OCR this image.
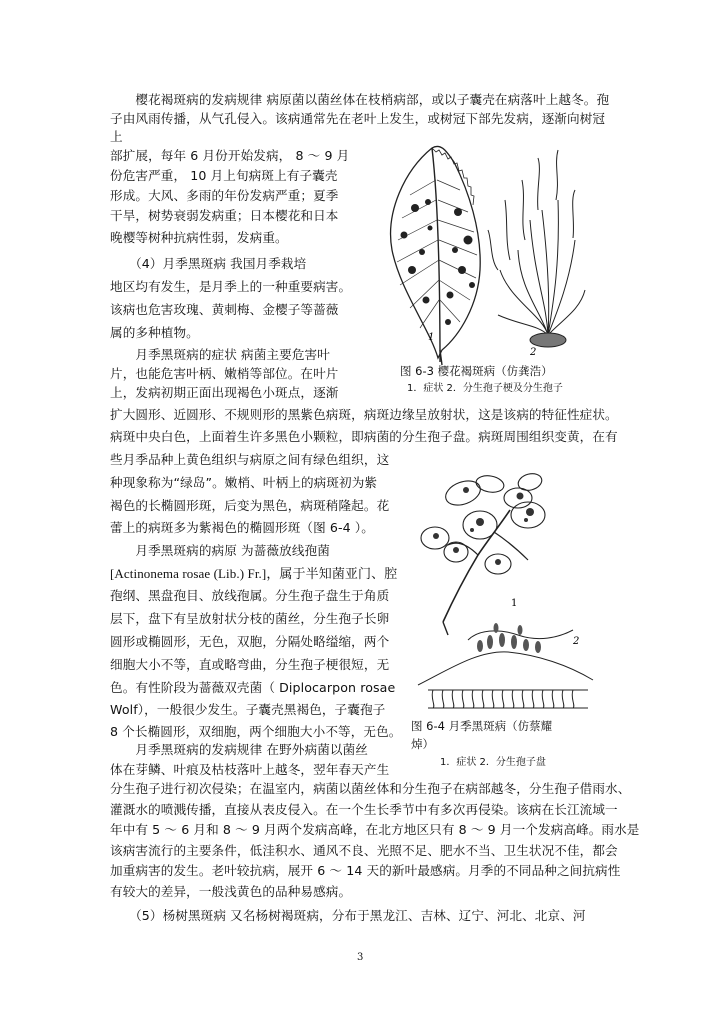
　　樱花褐斑病的发病规律 病原菌以菌丝体在枝梢病部，或以子囊壳在病落叶上越冬。孢
子由风雨传播，从气孔侵入。该病通常先在老叶上发生，或树冠下部先发病，逐渐向树冠
上
部扩展，每年 6 月份开始发病， 8 ～ 9 月
份危害严重， 10 月上旬病斑上有子囊壳
形成。大风、多雨的年份发病严重；夏季
干旱，树势衰弱发病重；日本樱花和日本
晚樱等树种抗病性弱，发病重。
　　（4）月季黑斑病 我国月季栽培
地区均有发生，是月季上的一种重要病害。
该病也危害玫瑰、黄刺梅、金樱子等蔷薇
属的多种植物。
　　月季黑斑病的症状 病菌主要危害叶
片，也能危害叶柄、嫩梢等部位。在叶片
上，发病初期正面出现褐色小斑点，逐渐
扩大圆形、近圆形、不规则形的黑紫色病斑，病斑边缘呈放射状，这是该病的特征性症状。
病斑中央白色，上面着生许多黑色小颗粒，即病菌的分生孢子盘。病斑周围组织变黄，在有
些月季品种上黄色组织与病原之间有绿色组织，这
种现象称为“绿岛”。嫩梢、叶柄上的病斑初为紫
褐色的长椭圆形斑，后变为黑色，病斑稍隆起。花
蕾上的病斑多为紫褐色的椭圆形斑（图 6-4 ）。
　　月季黑斑病的病原 为蔷薇放线孢菌
[Actinonema rosae (Lib.) Fr.]，属于半知菌亚门、腔
孢纲、黑盘孢目、放线孢属。分生孢子盘生于角质
层下，盘下有呈放射状分枝的菌丝，分生孢子长卵
圆形或椭圆形，无色，双胞，分隔处略缢缩，两个
细胞大小不等，直或略弯曲，分生孢子梗很短，无
色。有性阶段为蔷薇双壳菌（ Diplocarpon rosae
Wolf），一般很少发生。子囊壳黑褐色，子囊孢子
8 个长椭圆形，双细胞，两个细胞大小不等，无色。
　　月季黑斑病的发病规律 在野外病菌以菌丝
体在芽鳞、叶痕及枯枝落叶上越冬，翌年春天产生
分生孢子进行初次侵染；在温室内，病菌以菌丝体和分生孢子在病部越冬，分生孢子借雨水、
灌溉水的喷溅传播，直接从表皮侵入。在一个生长季节中有多次再侵染。该病在长江流域一
年中有 5 ～ 6 月和 8 ～ 9 月两个发病高峰，在北方地区只有 8 ～ 9 月一个发病高峰。雨水是
该病害流行的主要条件，低洼积水、通风不良、光照不足、肥水不当、卫生状况不佳，都会
加重病害的发生。老叶较抗病，展开 6 ～ 14 天的新叶最感病。月季的不同品种之间抗病性
有较大的差异，一般浅黄色的品种易感病。
　　（5）杨树黑斑病 又名杨树褐斑病，分布于黑龙江、吉林、辽宁、河北、北京、河
1
2
图 6-3 樱花褐斑病（仿龚浩）
1．症状 2．分生孢子梗及分生孢子
1
2
图 6-4 月季黑斑病（仿蔡耀
焯）
1．症状 2．分生孢子盘
3
